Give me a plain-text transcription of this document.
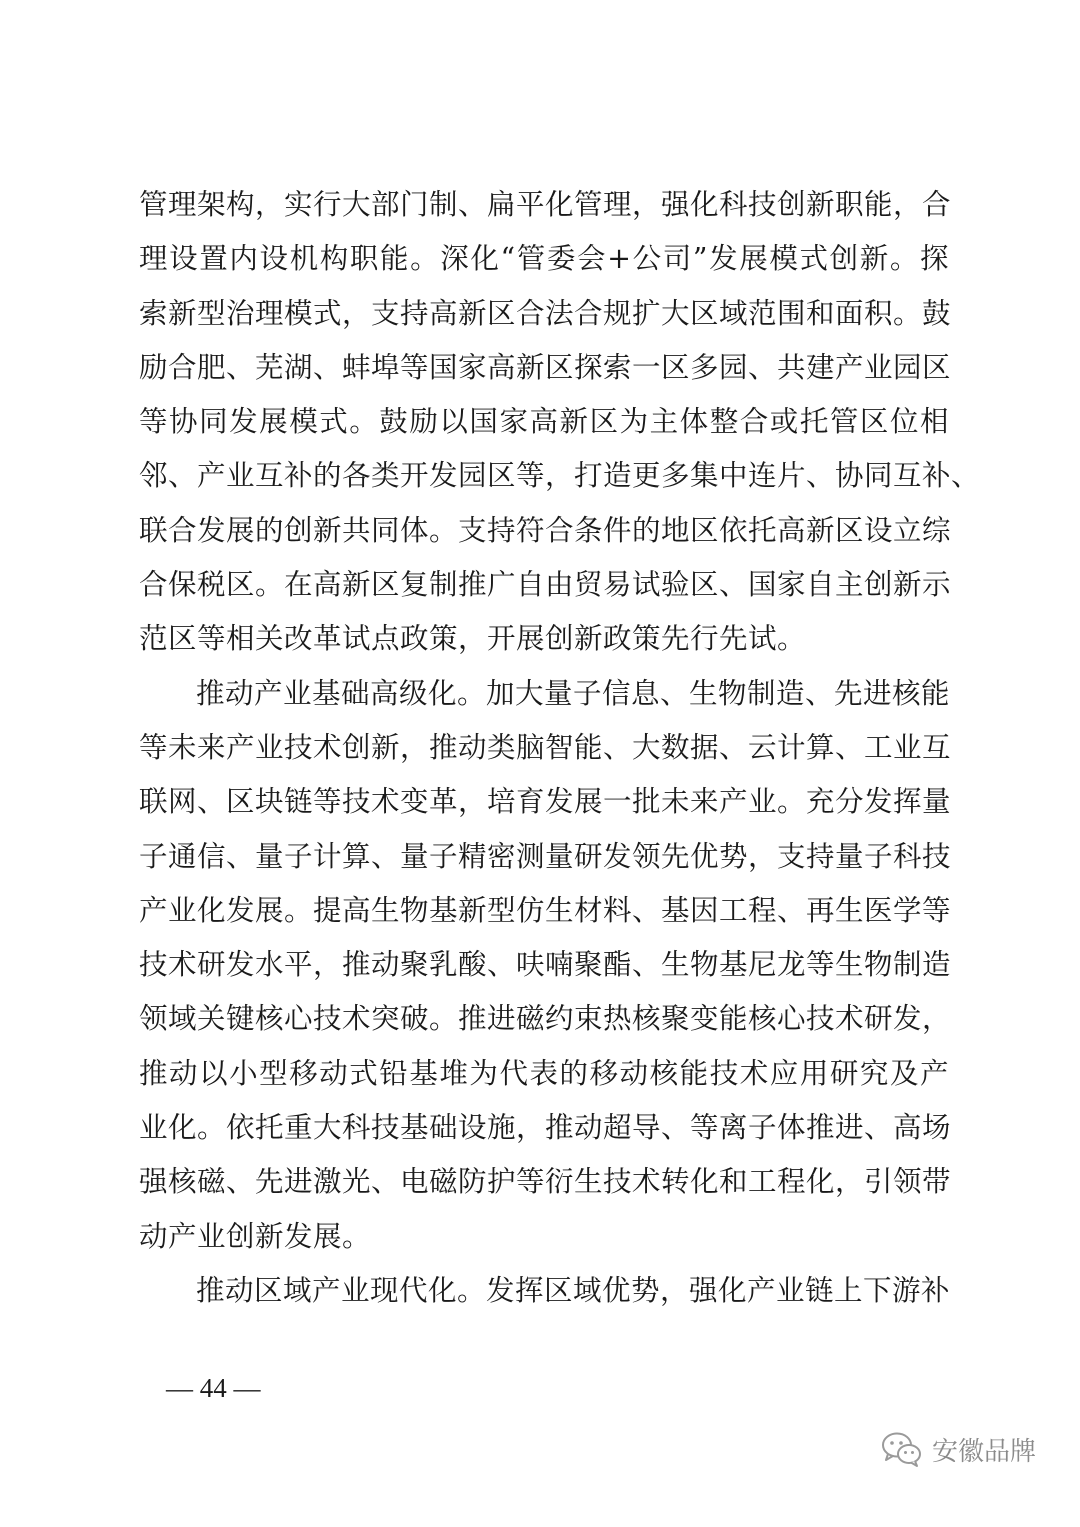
管理架构，实行大部门制、扁平化管理，强化科技创新职能，合
理设置内设机构职能。深化“管委会+公司”发展模式创新。探
索新型治理模式，支持高新区合法合规扩大区域范围和面积。鼓
励合肥、芜湖、蚌埠等国家高新区探索一区多园、共建产业园区
等协同发展模式。鼓励以国家高新区为主体整合或托管区位相
邻、产业互补的各类开发园区等，打造更多集中连片、协同互补、
联合发展的创新共同体。支持符合条件的地区依托高新区设立综
合保税区。在高新区复制推广自由贸易试验区、国家自主创新示
范区等相关改革试点政策，开展创新政策先行先试。
推动产业基础高级化。加大量子信息、生物制造、先进核能
等未来产业技术创新，推动类脑智能、大数据、云计算、工业互
联网、区块链等技术变革，培育发展一批未来产业。充分发挥量
子通信、量子计算、量子精密测量研发领先优势，支持量子科技
产业化发展。提高生物基新型仿生材料、基因工程、再生医学等
技术研发水平，推动聚乳酸、呋喃聚酯、生物基尼龙等生物制造
领域关键核心技术突破。推进磁约束热核聚变能核心技术研发，
推动以小型移动式铅基堆为代表的移动核能技术应用研究及产
业化。依托重大科技基础设施，推动超导、等离子体推进、高场
强核磁、先进激光、电磁防护等衍生技术转化和工程化，引领带
动产业创新发展。
推动区域产业现代化。发挥区域优势，强化产业链上下游补
— 44 —
安徽品牌
